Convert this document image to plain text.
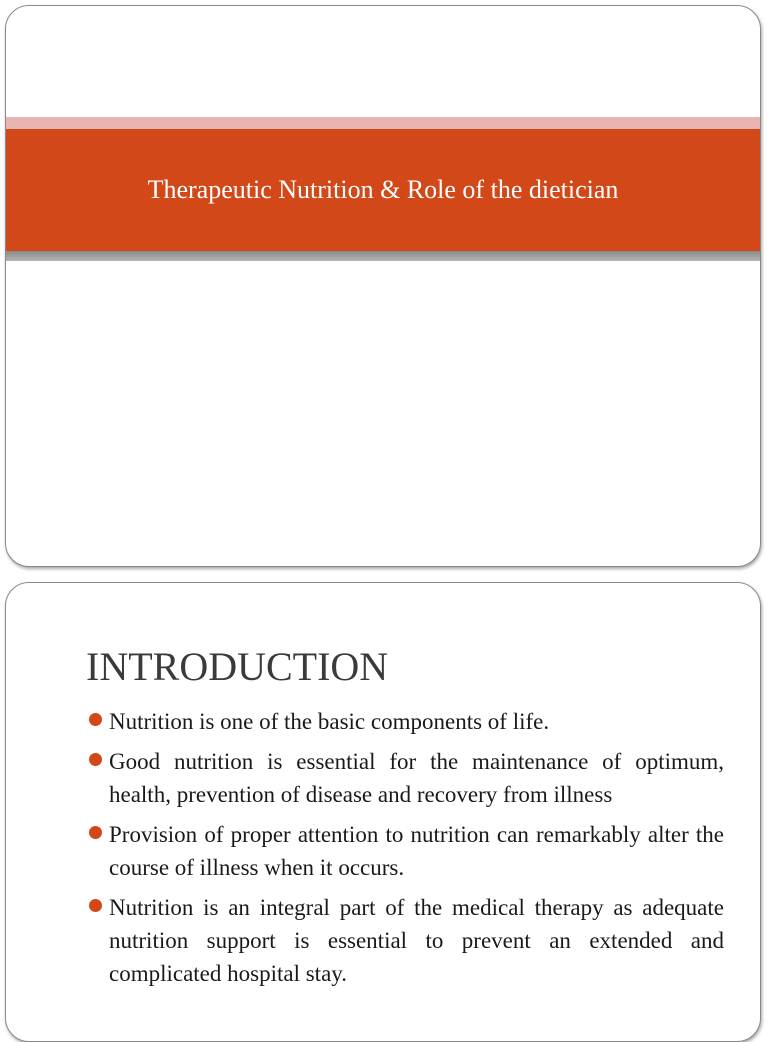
Therapeutic Nutrition & Role of the dietician
INTRODUCTION
Nutrition is one of the basic components of life.
Good nutrition is essential for the maintenance of optimum, health, prevention of disease and recovery from illness
Provision of proper attention to nutrition can remarkably alter the course of illness when it occurs.
Nutrition is an integral part of the medical therapy as adequate nutrition support is essential to prevent an extended and complicated hospital stay.
